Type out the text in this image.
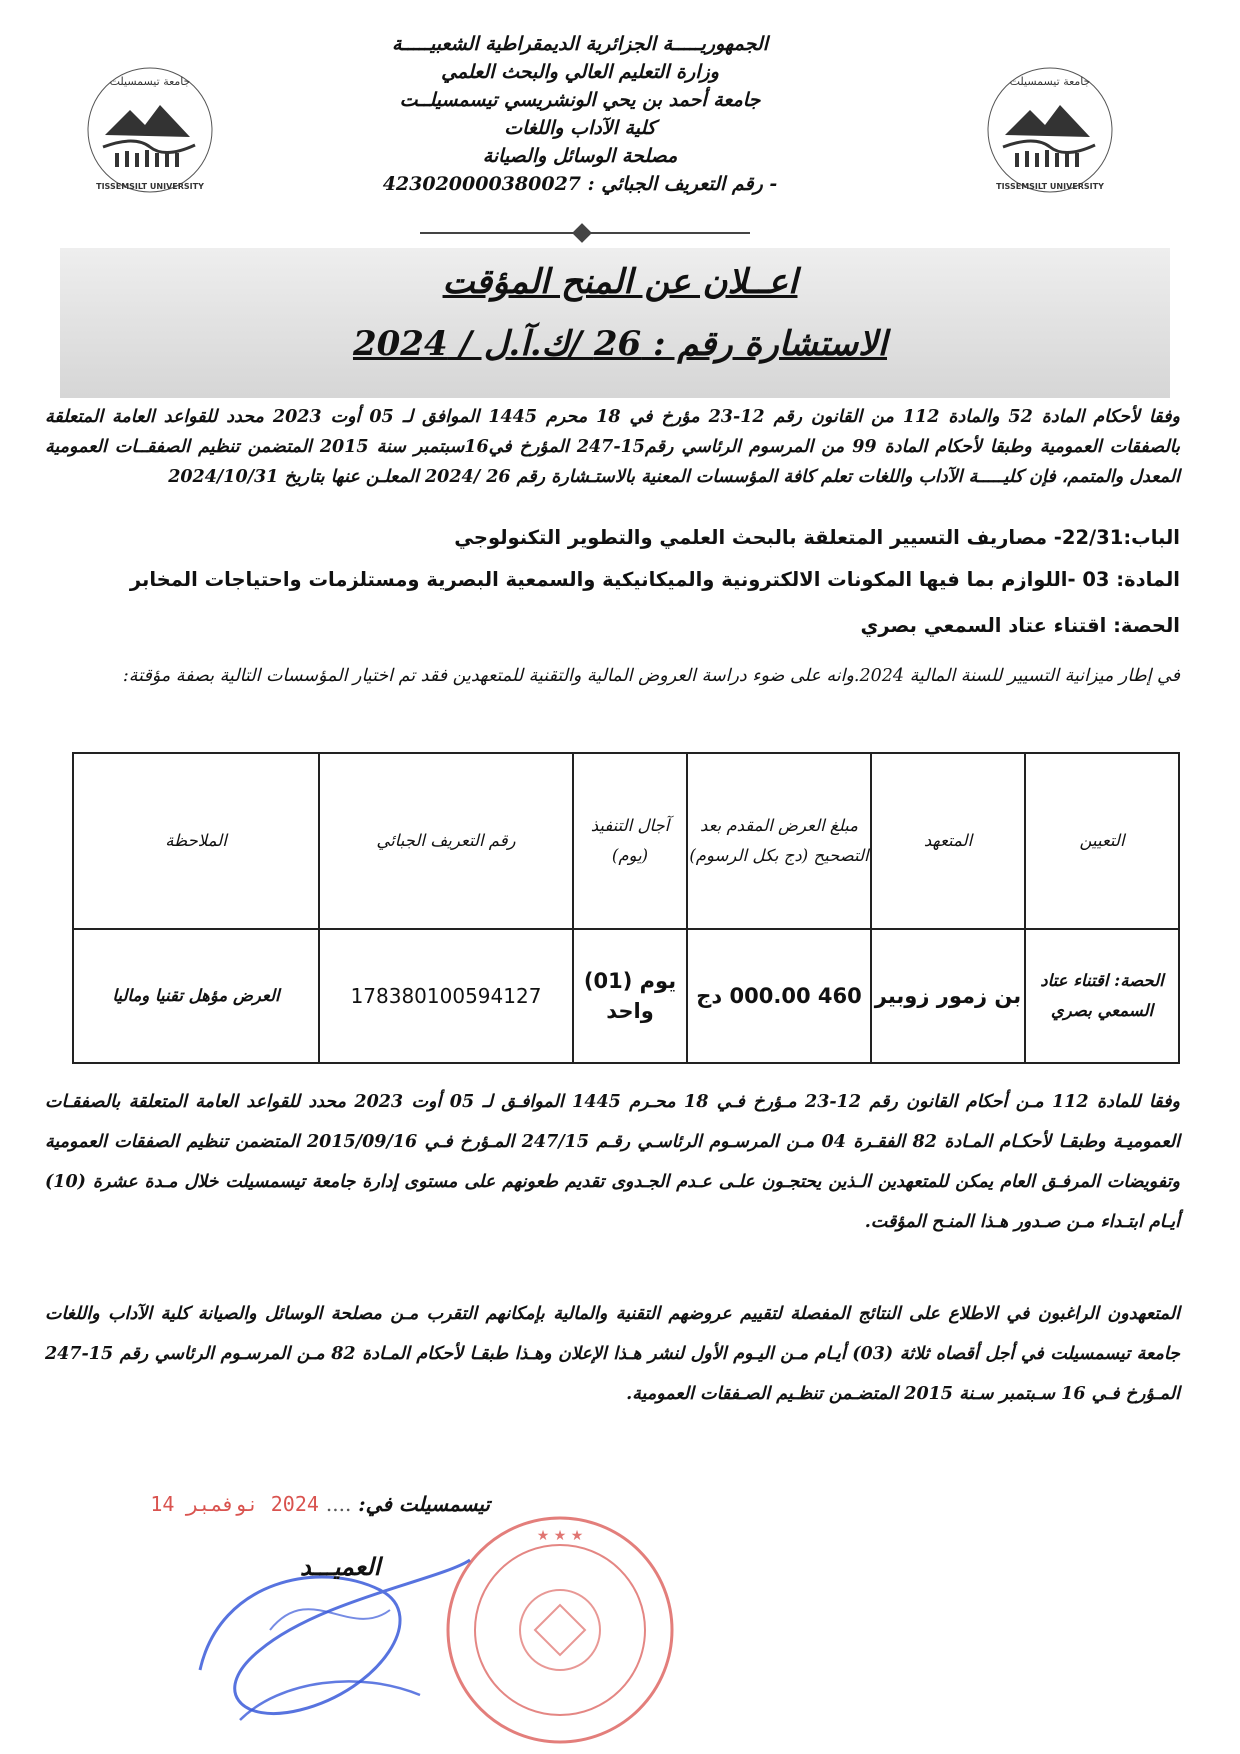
جامعة تيسمسيلت
TISSEMSILT UNIVERSITY
جامعة تيسمسيلت
TISSEMSILT UNIVERSITY
الجمهوريـــــة الجزائرية الديمقراطية الشعبيـــــة
وزارة التعليم العالي والبحث العلمي
جامعة أحمد بن يحي الونشريسي تيسمسيلــت
كلية الآداب واللغات
مصلحة الوسائل والصيانة
- رقم التعريف الجبائي : 423020000380027
اعــلان عن المنح المؤقت
الاستشارة رقم : 26 /ك.آ.ل / 2024
وفقا لأحكام المادة 52 والمادة 112 من القانون رقم 12-23 مؤرخ في 18 محرم 1445 الموافق لـ 05 أوت 2023 محدد للقواعد العامة المتعلقة بالصفقات العمومية وطبقا لأحكام المادة 99 من المرسوم الرئاسي رقم15-247 المؤرخ في16سبتمبر سنة 2015 المتضمن تنظيم الصفقــات العمومية المعدل والمتمم، فإن كليـــــة الآداب واللغات تعلم كافة المؤسسات المعنية بالاستـشارة رقم 26 /2024 المعلـن عنها بتاريخ 2024/10/31
الباب:22/31- مصاريف التسيير المتعلقة بالبحث العلمي والتطوير التكنولوجي
المادة: 03 -اللوازم بما فيها المكونات الالكترونية والميكانيكية والسمعية البصرية ومستلزمات واحتياجات المخابر
الحصة: اقتناء عتاد السمعي بصري
في إطار ميزانية التسيير للسنة المالية 2024.وانه على ضوء دراسة العروض المالية والتقنية للمتعهدين فقد تم اختيار المؤسسات التالية بصفة مؤقتة:
التعيين	المتعهد	مبلغ العرض المقدم بعد التصحيح (دج بكل الرسوم)	آجال التنفيذ (يوم)	رقم التعريف الجبائي	الملاحظة
الحصة: اقتناء عتاد السمعي بصري	بن زمور زوبير	460 000.00 دج	يوم (01) واحد	178380100594127	العرض مؤهل تقنيا وماليا
وفقا للمادة 112 مـن أحكام القانون رقم 12-23 مـؤرخ فـي 18 محـرم 1445 الموافـق لـ 05 أوت 2023 محدد للقواعد العامة المتعلقة بالصفقـات العموميـة وطبقـا لأحكـام المـادة 82 الفقـرة 04 مـن المرسـوم الرئاسـي رقـم 247/15 المـؤرخ فـي 2015/09/16 المتضمن تنظيم الصفقات العمومية وتفويضات المرفـق العام يمكن للمتعهدين الـذين يحتجـون علـى عـدم الجـدوى تقديم طعونهم على مستوى إدارة جامعة تيسمسيلت خلال مـدة عشرة (10) أيـام ابتـداء مـن صـدور هـذا المنـح المؤقت.
المتعهدون الراغبون في الاطلاع على النتائج المفصلة لتقييم عروضهم التقنية والمالية بإمكانهم التقرب مـن مصلحة الوسائل والصيانة كلية الآداب واللغات جامعة تيسمسيلت في أجل أقصاه ثلاثة (03) أيـام مـن اليـوم الأول لنشر هـذا الإعلان وهـذا طبقـا لأحكام المـادة 82 مـن المرسـوم الرئاسي رقم 15-247 المـؤرخ فـي 16 سـبتمبر سـنة 2015 المتضـمن تنظـيم الصـفقات العمومية.
تيسمسيلت في: .... 2024 نوفمبر 14
★ ★ ★
العميـــد
